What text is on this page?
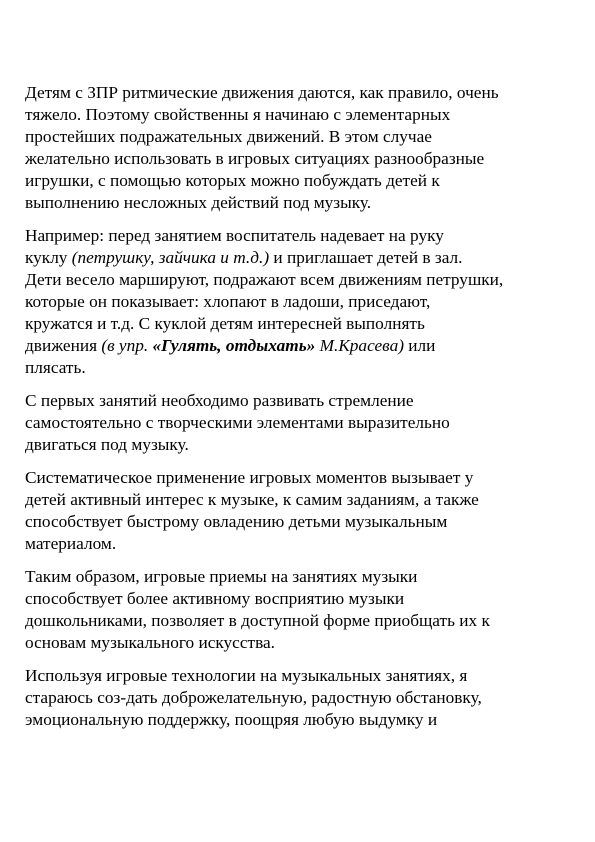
Детям с ЗПР ритмические движения даются, как правило, очень
тяжело. Поэтому свойственны я начинаю с элементарных
простейших подражательных движений. В этом случае
желательно использовать в игровых ситуациях разнообразные
игрушки, с помощью которых можно побуждать детей к
выполнению несложных действий под музыку.

Например: перед занятием воспитатель надевает на руку
куклу (петрушку, зайчика и т.д.) и приглашает детей в зал.
Дети весело маршируют, подражают всем движениям петрушки,
которые он показывает: хлопают в ладоши, приседают,
кружатся и т.д. С куклой детям интересней выполнять
движения (в упр. «Гулять, отдыхать» М.Красева) или
плясать.

С первых занятий необходимо развивать стремление
самостоятельно с творческими элементами выразительно
двигаться под музыку.

Систематическое применение игровых моментов вызывает у
детей активный интерес к музыке, к самим заданиям, а также
способствует быстрому овладению детьми музыкальным
материалом.

Таким образом, игровые приемы на занятиях музыки
способствует более активному восприятию музыки
дошкольниками, позволяет в доступной форме приобщать их к
основам музыкального искусства.

Используя игровые технологии на музыкальных занятиях, я
стараюсь соз-дать доброжелательную, радостную обстановку,
эмоциональную поддержку, поощряя любую выдумку и
